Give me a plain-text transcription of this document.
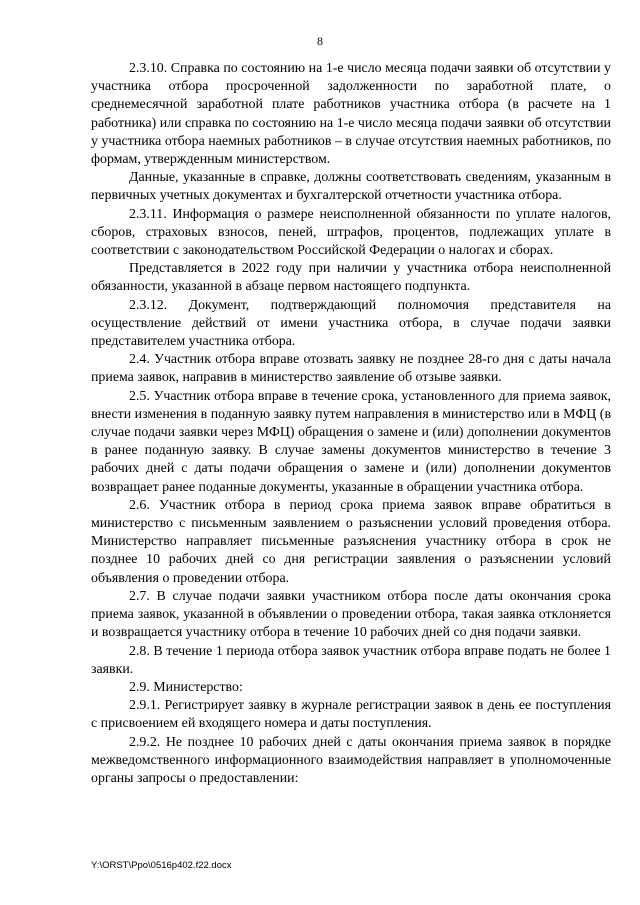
8

2.3.10. Справка по состоянию на 1-е число месяца подачи заявки об отсутствии у участника отбора просроченной задолженности по заработной плате, о среднемесячной заработной плате работников участника отбора (в расчете на 1 работника) или справка по состоянию на 1-е число месяца подачи заявки об отсутствии у участника отбора наемных работников – в случае отсутствия наемных работников, по формам, утвержденным министерством.

Данные, указанные в справке, должны соответствовать сведениям, указанным в первичных учетных документах и бухгалтерской отчетности участника отбора.

2.3.11. Информация о размере неисполненной обязанности по уплате налогов, сборов, страховых взносов, пеней, штрафов, процентов, подлежащих уплате в соответствии с законодательством Российской Федерации о налогах и сборах.

Представляется в 2022 году при наличии у участника отбора неисполненной обязанности, указанной в абзаце первом настоящего подпункта.

2.3.12. Документ, подтверждающий полномочия представителя на осуществление действий от имени участника отбора, в случае подачи заявки представителем участника отбора.

2.4. Участник отбора вправе отозвать заявку не позднее 28-го дня с даты начала приема заявок, направив в министерство заявление об отзыве заявки.

2.5. Участник отбора вправе в течение срока, установленного для приема заявок, внести изменения в поданную заявку путем направления в министерство или в МФЦ (в случае подачи заявки через МФЦ) обращения о замене и (или) дополнении документов в ранее поданную заявку. В случае замены документов министерство в течение 3 рабочих дней с даты подачи обращения о замене и (или) дополнении документов возвращает ранее поданные документы, указанные в обращении участника отбора.

2.6. Участник отбора в период срока приема заявок вправе обратиться в министерство с письменным заявлением о разъяснении условий проведения отбора. Министерство направляет письменные разъяснения участнику отбора в срок не позднее 10 рабочих дней со дня регистрации заявления о разъяснении условий объявления о проведении отбора.

2.7. В случае подачи заявки участником отбора после даты окончания срока приема заявок, указанной в объявлении о проведении отбора, такая заявка отклоняется и возвращается участнику отбора в течение 10 рабочих дней со дня подачи заявки.

2.8. В течение 1 периода отбора заявок участник отбора вправе подать не более 1 заявки.

2.9. Министерство:

2.9.1. Регистрирует заявку в журнале регистрации заявок в день ее поступления с присвоением ей входящего номера и даты поступления.

2.9.2. Не позднее 10 рабочих дней с даты окончания приема заявок в порядке межведомственного информационного взаимодействия направляет в уполномоченные органы запросы о предоставлении:

Y:\ORST\Ppo\0516p402.f22.docx
